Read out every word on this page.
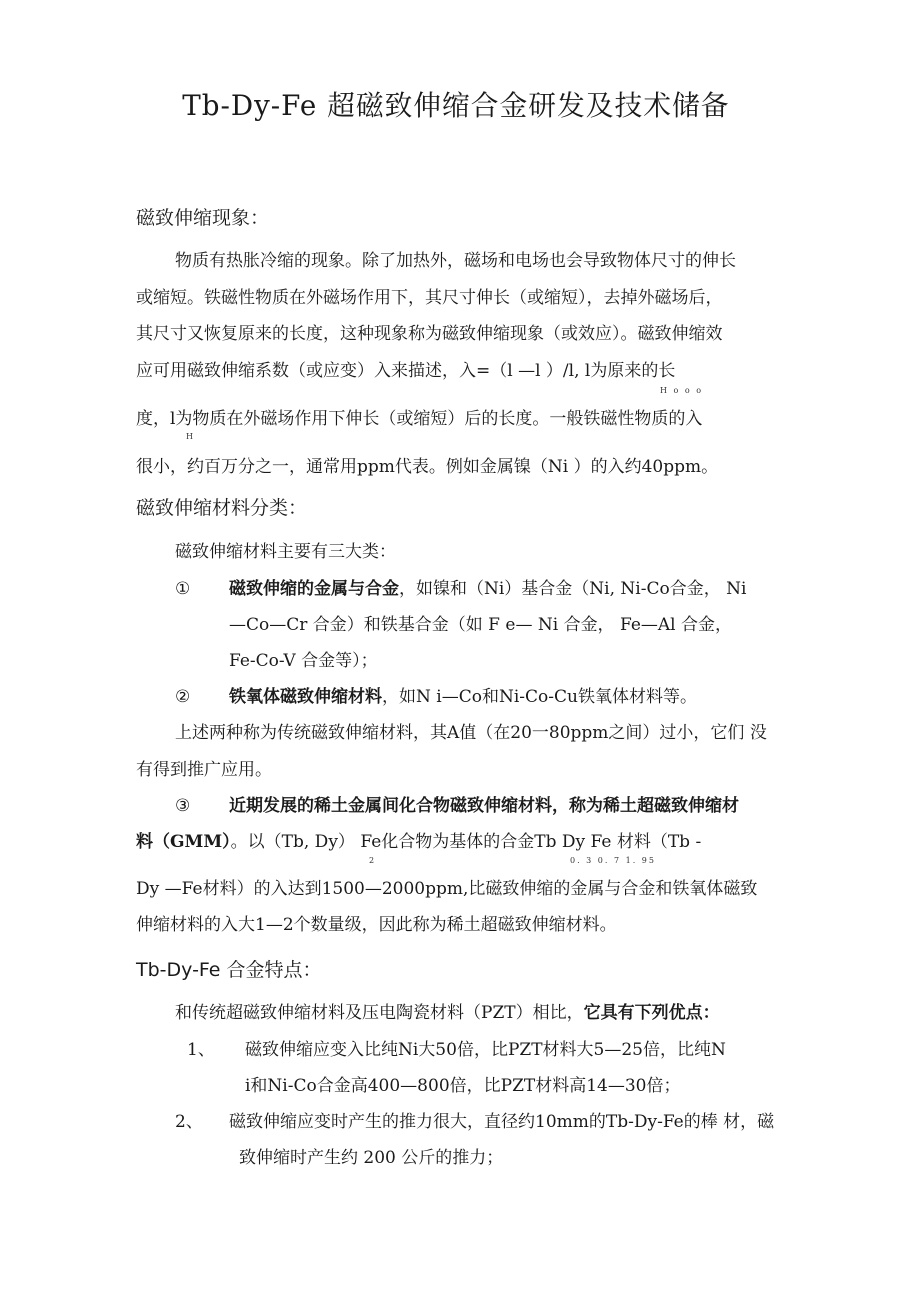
Tb-Dy-Fe 超磁致伸缩合金研发及技术储备
磁致伸缩现象：
物质有热胀冷缩的现象。除了加热外，磁场和电场也会导致物体尺寸的伸长
或缩短。铁磁性物质在外磁场作用下，其尺寸伸长（或缩短），去掉外磁场后，
其尺寸又恢复原来的长度，这种现象称为磁致伸缩现象（或效应）。磁致伸缩效
应可用磁致伸缩系数（或应变）入来描述，入=（l —l ）/l, l为原来的长
H o o o
度，l为物质在外磁场作用下伸长（或缩短）后的长度。一般铁磁性物质的入
H
很小，约百万分之一，通常用ppm代表。例如金属镍（Ni ）的入约40ppm。
磁致伸缩材料分类：
磁致伸缩材料主要有三大类：
① 磁致伸缩的金属与合金，如镍和（Ni）基合金（Ni, Ni-Co合金， Ni
—Co—Cr 合金）和铁基合金（如 F e— Ni 合金， Fe—Al 合金，
Fe-Co-V 合金等）；
② 铁氧体磁致伸缩材料，如N i—Co和Ni-Co-Cu铁氧体材料等。
上述两种称为传统磁致伸缩材料，其A值（在20一80ppm之间）过小，它们 没
有得到推广应用。
③ 近期发展的稀土金属间化合物磁致伸缩材料，称为稀土超磁致伸缩材
料（GMM）。以（Tb, Dy） Fe化合物为基体的合金Tb Dy Fe 材料（Tb -
2	0. 3 0. 7 1. 95
Dy —Fe材料）的入达到1500—2000ppm,比磁致伸缩的金属与合金和铁氧体磁致
伸缩材料的入大1—2个数量级，因此称为稀土超磁致伸缩材料。
Tb-Dy-Fe 合金特点：
和传统超磁致伸缩材料及压电陶瓷材料（PZT）相比，它具有下列优点：
1、 磁致伸缩应变入比纯Ni大50倍，比PZT材料大5—25倍，比纯N
i和Ni-Co合金高400—800倍，比PZT材料高14—30倍；
2、 磁致伸缩应变时产生的推力很大，直径约10mm的Tb-Dy-Fe的棒 材，磁
致伸缩时产生约 200 公斤的推力；
